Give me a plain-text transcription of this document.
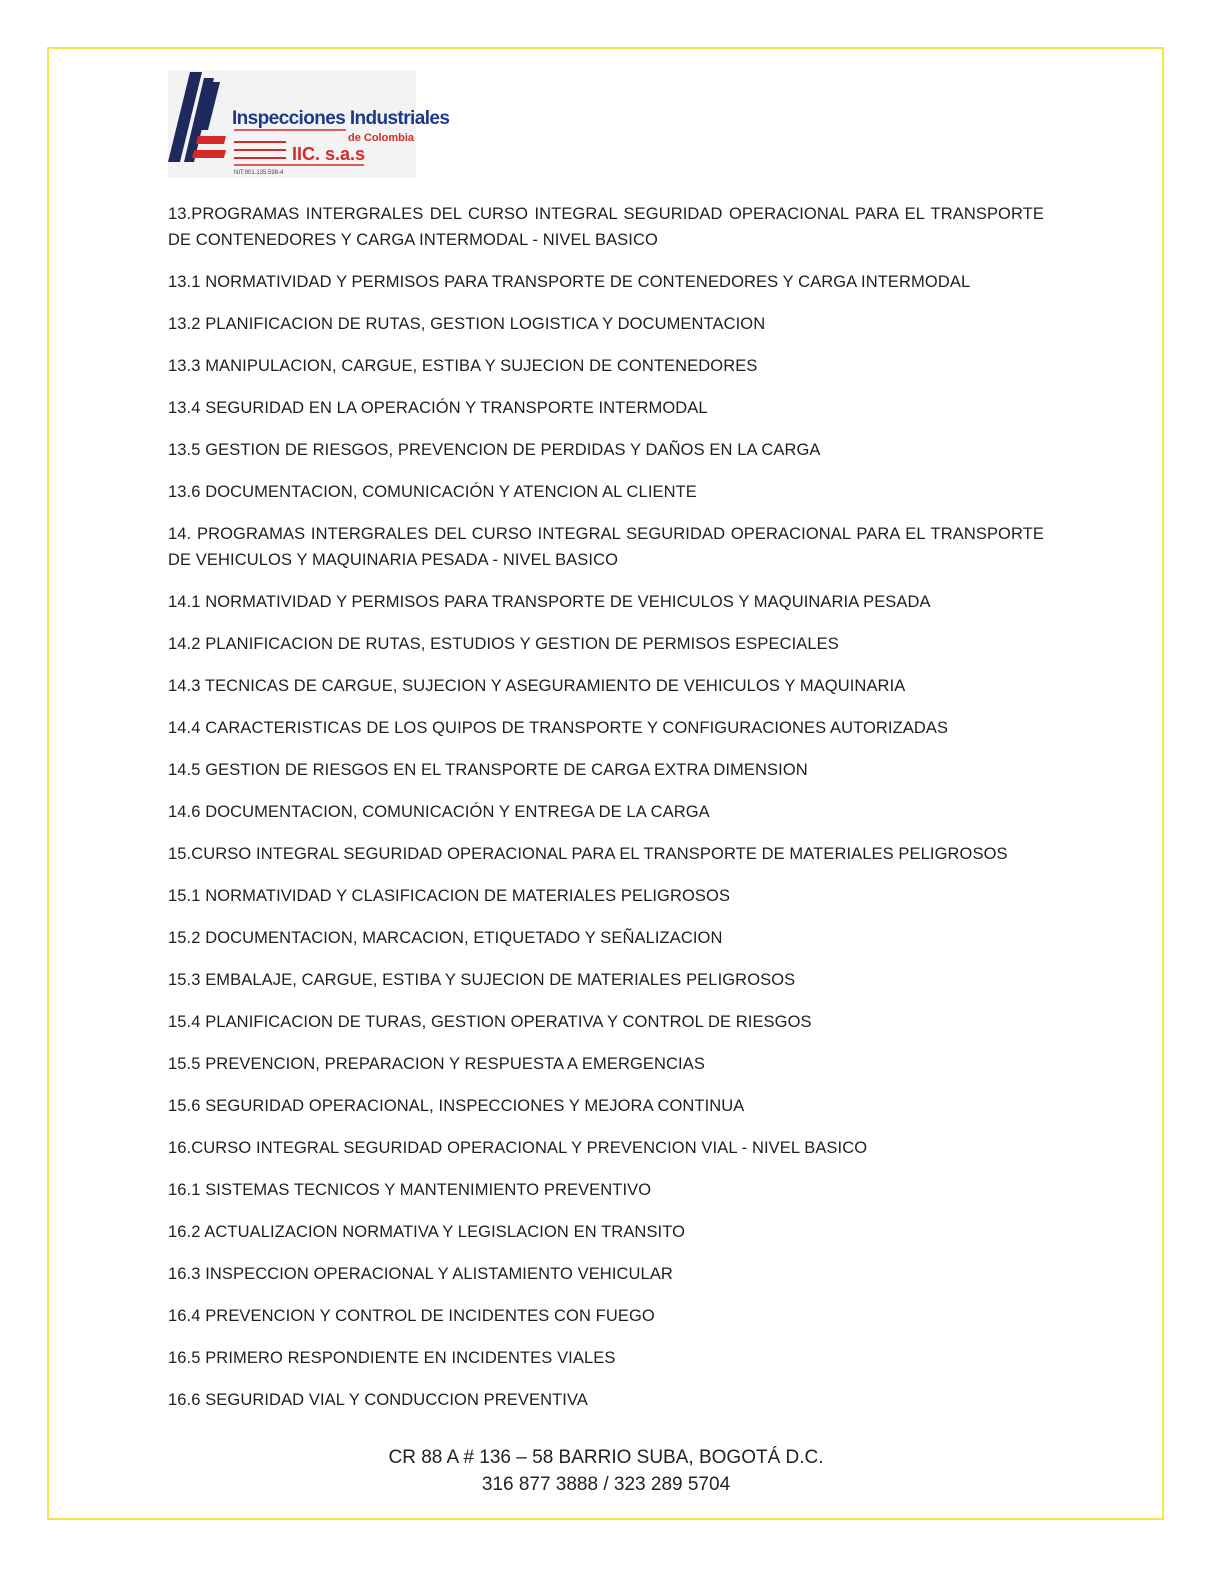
Inspecciones Industriales
de Colombia
IIC. s.a.s
NIT:901.135.598-4

13.PROGRAMAS INTERGRALES DEL CURSO INTEGRAL SEGURIDAD OPERACIONAL PARA EL TRANSPORTE DE CONTENEDORES Y CARGA INTERMODAL - NIVEL BASICO

13.1 NORMATIVIDAD Y PERMISOS PARA TRANSPORTE DE CONTENEDORES Y CARGA INTERMODAL

13.2 PLANIFICACION DE RUTAS, GESTION LOGISTICA Y DOCUMENTACION

13.3 MANIPULACION, CARGUE, ESTIBA Y SUJECION DE CONTENEDORES

13.4 SEGURIDAD EN LA OPERACIÓN Y TRANSPORTE INTERMODAL

13.5 GESTION DE RIESGOS, PREVENCION DE PERDIDAS Y DAÑOS EN LA CARGA

13.6 DOCUMENTACION, COMUNICACIÓN Y ATENCION AL CLIENTE

14. PROGRAMAS INTERGRALES DEL CURSO INTEGRAL SEGURIDAD OPERACIONAL PARA EL TRANSPORTE DE VEHICULOS Y MAQUINARIA PESADA - NIVEL BASICO

14.1 NORMATIVIDAD Y PERMISOS PARA TRANSPORTE DE VEHICULOS Y MAQUINARIA PESADA

14.2 PLANIFICACION DE RUTAS, ESTUDIOS Y GESTION DE PERMISOS ESPECIALES

14.3 TECNICAS DE CARGUE, SUJECION Y ASEGURAMIENTO DE VEHICULOS Y MAQUINARIA

14.4 CARACTERISTICAS DE LOS QUIPOS DE TRANSPORTE Y CONFIGURACIONES AUTORIZADAS

14.5 GESTION DE RIESGOS EN EL TRANSPORTE DE CARGA EXTRA DIMENSION

14.6 DOCUMENTACION, COMUNICACIÓN Y ENTREGA DE LA CARGA

15.CURSO INTEGRAL SEGURIDAD OPERACIONAL PARA EL TRANSPORTE DE MATERIALES PELIGROSOS

15.1 NORMATIVIDAD Y CLASIFICACION DE MATERIALES PELIGROSOS

15.2 DOCUMENTACION, MARCACION, ETIQUETADO Y SEÑALIZACION

15.3 EMBALAJE, CARGUE, ESTIBA Y SUJECION DE MATERIALES PELIGROSOS

15.4 PLANIFICACION DE TURAS, GESTION OPERATIVA Y CONTROL DE RIESGOS

15.5 PREVENCION, PREPARACION Y RESPUESTA A EMERGENCIAS

15.6 SEGURIDAD OPERACIONAL, INSPECCIONES Y MEJORA CONTINUA

16.CURSO INTEGRAL SEGURIDAD OPERACIONAL Y PREVENCION VIAL - NIVEL BASICO

16.1 SISTEMAS TECNICOS Y MANTENIMIENTO PREVENTIVO

16.2 ACTUALIZACION NORMATIVA Y LEGISLACION EN TRANSITO

16.3 INSPECCION OPERACIONAL Y ALISTAMIENTO VEHICULAR

16.4 PREVENCION Y CONTROL DE INCIDENTES CON FUEGO

16.5 PRIMERO RESPONDIENTE EN INCIDENTES VIALES

16.6 SEGURIDAD VIAL Y CONDUCCION PREVENTIVA

CR 88 A # 136 – 58 BARRIO SUBA, BOGOTÁ D.C.
316 877 3888 / 323 289 5704
